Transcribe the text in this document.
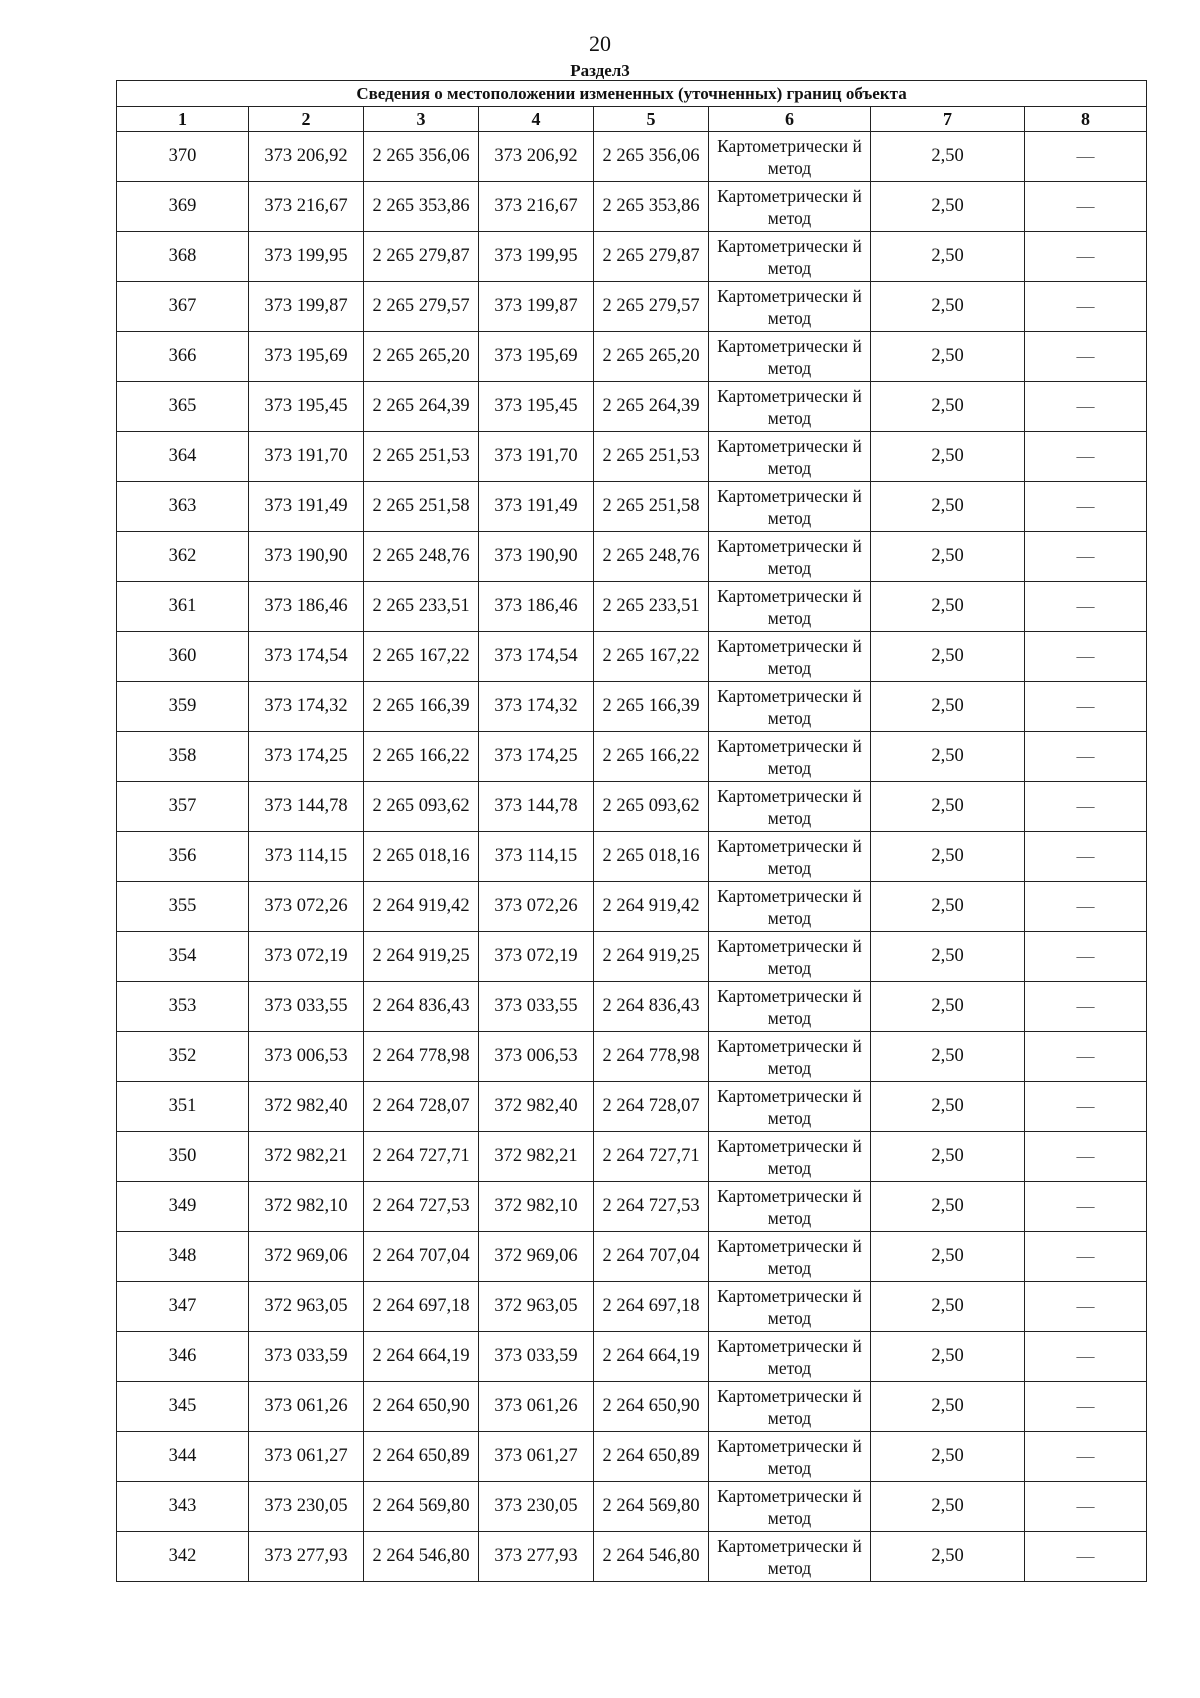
20
Раздел3
Сведения о местоположении измененных (уточненных) границ объекта							
1	2	3	4	5	6	7	8
370	373 206,92	2 265 356,06	373 206,92	2 265 356,06	Картометрически й метод	2,50	—
369	373 216,67	2 265 353,86	373 216,67	2 265 353,86	Картометрически й метод	2,50	—
368	373 199,95	2 265 279,87	373 199,95	2 265 279,87	Картометрически й метод	2,50	—
367	373 199,87	2 265 279,57	373 199,87	2 265 279,57	Картометрически й метод	2,50	—
366	373 195,69	2 265 265,20	373 195,69	2 265 265,20	Картометрически й метод	2,50	—
365	373 195,45	2 265 264,39	373 195,45	2 265 264,39	Картометрически й метод	2,50	—
364	373 191,70	2 265 251,53	373 191,70	2 265 251,53	Картометрически й метод	2,50	—
363	373 191,49	2 265 251,58	373 191,49	2 265 251,58	Картометрически й метод	2,50	—
362	373 190,90	2 265 248,76	373 190,90	2 265 248,76	Картометрически й метод	2,50	—
361	373 186,46	2 265 233,51	373 186,46	2 265 233,51	Картометрически й метод	2,50	—
360	373 174,54	2 265 167,22	373 174,54	2 265 167,22	Картометрически й метод	2,50	—
359	373 174,32	2 265 166,39	373 174,32	2 265 166,39	Картометрически й метод	2,50	—
358	373 174,25	2 265 166,22	373 174,25	2 265 166,22	Картометрически й метод	2,50	—
357	373 144,78	2 265 093,62	373 144,78	2 265 093,62	Картометрически й метод	2,50	—
356	373 114,15	2 265 018,16	373 114,15	2 265 018,16	Картометрически й метод	2,50	—
355	373 072,26	2 264 919,42	373 072,26	2 264 919,42	Картометрически й метод	2,50	—
354	373 072,19	2 264 919,25	373 072,19	2 264 919,25	Картометрически й метод	2,50	—
353	373 033,55	2 264 836,43	373 033,55	2 264 836,43	Картометрически й метод	2,50	—
352	373 006,53	2 264 778,98	373 006,53	2 264 778,98	Картометрически й метод	2,50	—
351	372 982,40	2 264 728,07	372 982,40	2 264 728,07	Картометрически й метод	2,50	—
350	372 982,21	2 264 727,71	372 982,21	2 264 727,71	Картометрически й метод	2,50	—
349	372 982,10	2 264 727,53	372 982,10	2 264 727,53	Картометрически й метод	2,50	—
348	372 969,06	2 264 707,04	372 969,06	2 264 707,04	Картометрически й метод	2,50	—
347	372 963,05	2 264 697,18	372 963,05	2 264 697,18	Картометрически й метод	2,50	—
346	373 033,59	2 264 664,19	373 033,59	2 264 664,19	Картометрически й метод	2,50	—
345	373 061,26	2 264 650,90	373 061,26	2 264 650,90	Картометрически й метод	2,50	—
344	373 061,27	2 264 650,89	373 061,27	2 264 650,89	Картометрически й метод	2,50	—
343	373 230,05	2 264 569,80	373 230,05	2 264 569,80	Картометрически й метод	2,50	—
342	373 277,93	2 264 546,80	373 277,93	2 264 546,80	Картометрически й метод	2,50	—
